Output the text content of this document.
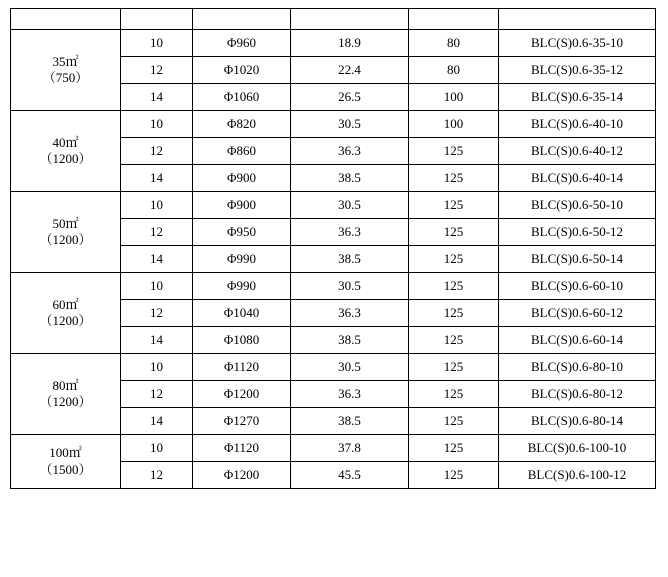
35㎡
（750）	10	Φ960	18.9	80	BLC(S)0.6-35-10
	12	Φ1020	22.4	80	BLC(S)0.6-35-12
	14	Φ1060	26.5	100	BLC(S)0.6-35-14
40㎡
（1200）	10	Φ820	30.5	100	BLC(S)0.6-40-10
	12	Φ860	36.3	125	BLC(S)0.6-40-12
	14	Φ900	38.5	125	BLC(S)0.6-40-14
50㎡
（1200）	10	Φ900	30.5	125	BLC(S)0.6-50-10
	12	Φ950	36.3	125	BLC(S)0.6-50-12
	14	Φ990	38.5	125	BLC(S)0.6-50-14
60㎡
（1200）	10	Φ990	30.5	125	BLC(S)0.6-60-10
	12	Φ1040	36.3	125	BLC(S)0.6-60-12
	14	Φ1080	38.5	125	BLC(S)0.6-60-14
80㎡
（1200）	10	Φ1120	30.5	125	BLC(S)0.6-80-10
	12	Φ1200	36.3	125	BLC(S)0.6-80-12
	14	Φ1270	38.5	125	BLC(S)0.6-80-14
100㎡
（1500）	10	Φ1120	37.8	125	BLC(S)0.6-100-10
	12	Φ1200	45.5	125	BLC(S)0.6-100-12
